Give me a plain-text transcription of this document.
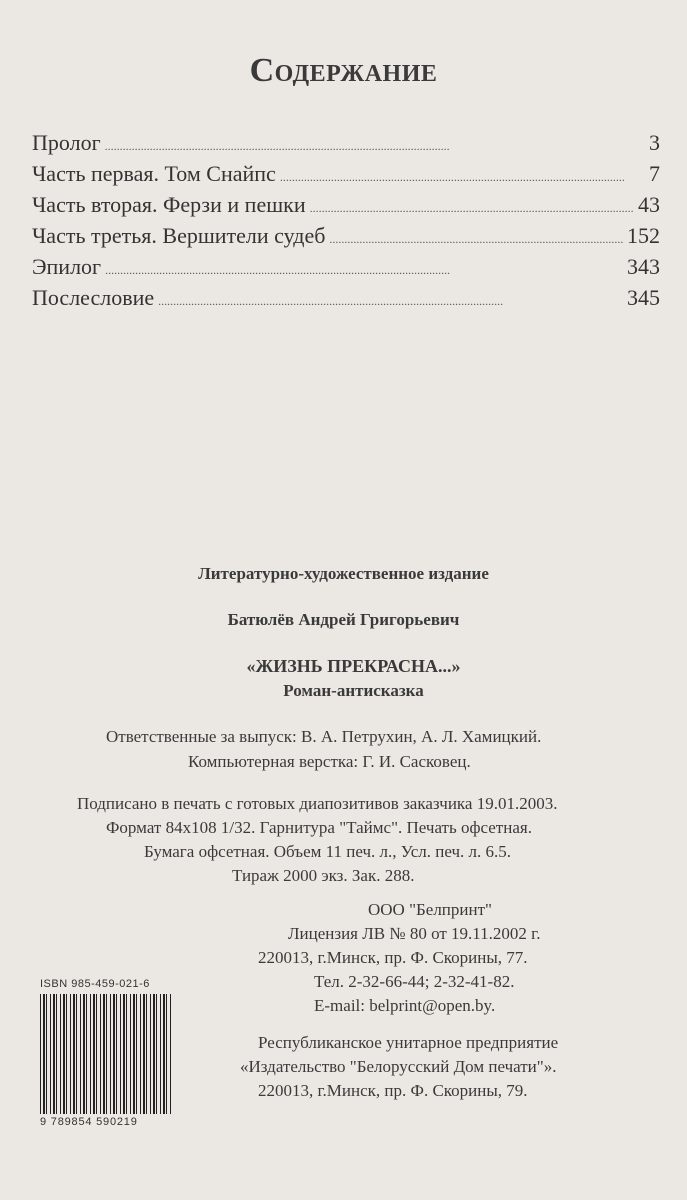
Содержание
Пролог . . .	3
Часть первая. Том Снайпс . . .	7
Часть вторая. Ферзи и пешки . . .	43
Часть третья. Вершители судеб . . .	152
Эпилог . . .	343
Послесловие . . .	345
Литературно-художественное издание
Батюлёв Андрей Григорьевич
«ЖИЗНЬ ПРЕКРАСНА...»
Роман-антисказка
Ответственные за выпуск: В. А. Петрухин, А. Л. Хамицкий.
Компьютерная верстка: Г. И. Сасковец.
Подписано в печать с готовых диапозитивов заказчика 19.01.2003.
Формат 84x108 1/32. Гарнитура "Таймс". Печать офсетная.
Бумага офсетная. Объем 11 печ. л., Усл. печ. л. 6.5.
Тираж 2000 экз. Зак. 288.
ООО "Белпринт"
Лицензия ЛВ № 80 от 19.11.2002 г.
220013, г.Минск, пр. Ф. Скорины, 77.
Тел. 2-32-66-44; 2-32-41-82.
E-mail: belprint@open.by.
Республиканское унитарное предприятие
«Издательство "Белорусский Дом печати"».
220013, г.Минск, пр. Ф. Скорины, 79.
ISBN 985-459-021-6
9 789854 590219
